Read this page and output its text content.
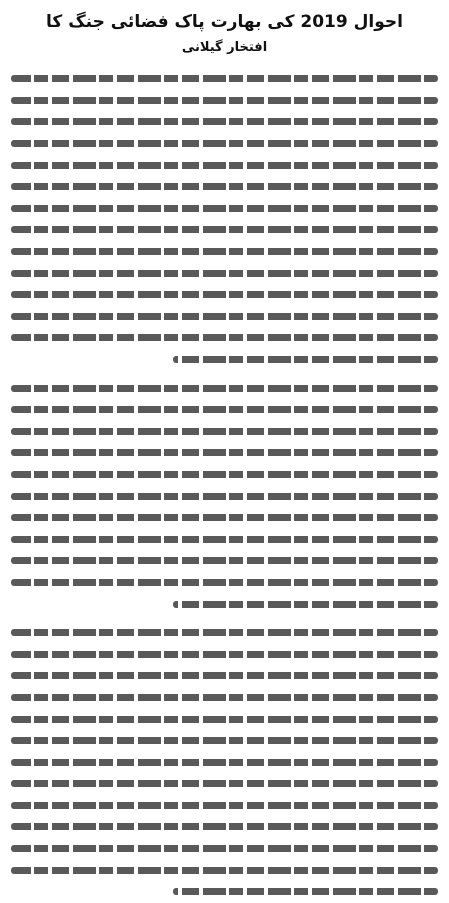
احوال 2019 کی بھارت پاک فضائی جنگ کا
افتخار گیلانی
